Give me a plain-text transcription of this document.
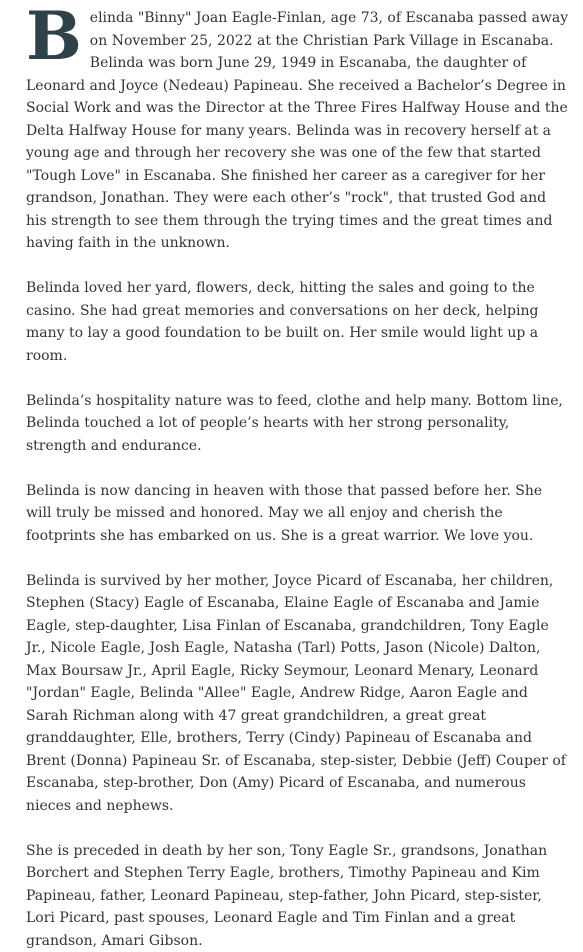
B elinda "Binny" Joan Eagle-Finlan, age 73, of Escanaba passed away on November 25, 2022 at the Christian Park Village in Escanaba.
Belinda was born June 29, 1949 in Escanaba, the daughter of Leonard and Joyce (Nedeau) Papineau. She received a Bachelor’s Degree in Social Work and was the Director at the Three Fires Halfway House and the Delta Halfway House for many years. Belinda was in recovery herself at a young age and through her recovery she was one of the few that started "Tough Love" in Escanaba. She finished her career as a caregiver for her grandson, Jonathan. They were each other’s "rock", that trusted God and his strength to see them through the trying times and the great times and having faith in the unknown.

Belinda loved her yard, flowers, deck, hitting the sales and going to the casino. She had great memories and conversations on her deck, helping many to lay a good foundation to be built on. Her smile would light up a room.

Belinda’s hospitality nature was to feed, clothe and help many. Bottom line, Belinda touched a lot of people’s hearts with her strong personality, strength and endurance.

Belinda is now dancing in heaven with those that passed before her. She will truly be missed and honored. May we all enjoy and cherish the footprints she has embarked on us. She is a great warrior. We love you.

Belinda is survived by her mother, Joyce Picard of Escanaba, her children, Stephen (Stacy) Eagle of Escanaba, Elaine Eagle of Escanaba and Jamie Eagle, step-daughter, Lisa Finlan of Escanaba, grandchildren, Tony Eagle Jr., Nicole Eagle, Josh Eagle, Natasha (Tarl) Potts, Jason (Nicole) Dalton, Max Boursaw Jr., April Eagle, Ricky Seymour, Leonard Menary, Leonard "Jordan" Eagle, Belinda "Allee" Eagle, Andrew Ridge, Aaron Eagle and Sarah Richman along with 47 great grandchildren, a great great granddaughter, Elle, brothers, Terry (Cindy) Papineau of Escanaba and Brent (Donna) Papineau Sr. of Escanaba, step-sister, Debbie (Jeff) Couper of Escanaba, step-brother, Don (Amy) Picard of Escanaba, and numerous nieces and nephews.

She is preceded in death by her son, Tony Eagle Sr., grandsons, Jonathan Borchert and Stephen Terry Eagle, brothers, Timothy Papineau and Kim Papineau, father, Leonard Papineau, step-father, John Picard, step-sister, Lori Picard, past spouses, Leonard Eagle and Tim Finlan and a great grandson, Amari Gibson.
